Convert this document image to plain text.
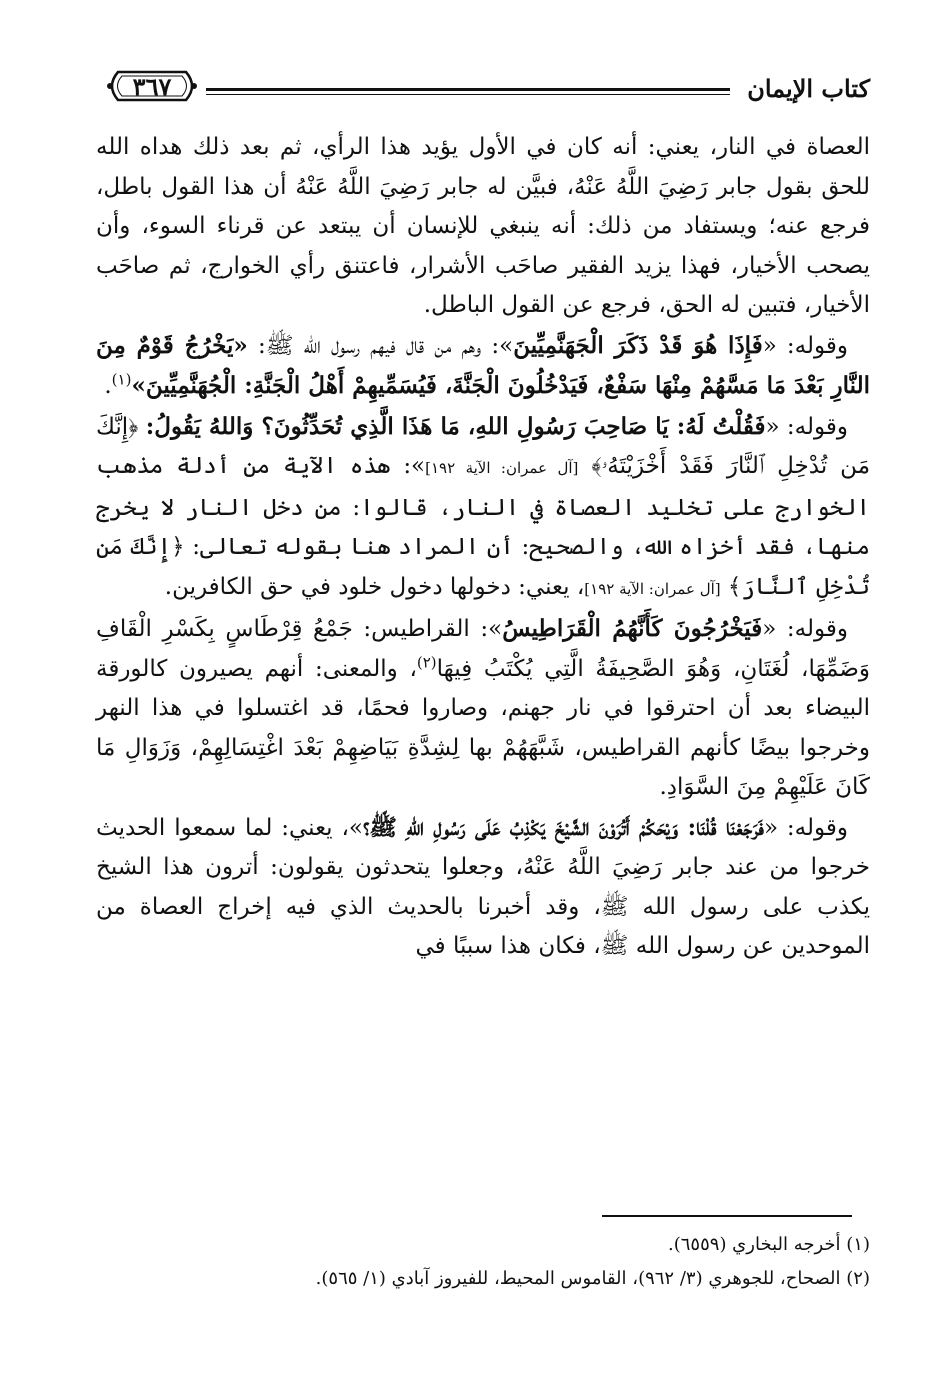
كتاب الإيمان
٣٦٧

العصاة في النار، يعني: أنه كان في الأول يؤيد هذا الرأي، ثم بعد ذلك هداه الله للحق بقول جابر رَضِيَ اللَّهُ عَنْهُ، فبيَّن له جابر رَضِيَ اللَّهُ عَنْهُ أن هذا القول باطل، فرجع عنه؛ ويستفاد من ذلك: أنه ينبغي للإنسان أن يبتعد عن قرناء السوء، وأن يصحب الأخيار، فهذا يزيد الفقير صاحَب الأشرار، فاعتنق رأي الخوارج، ثم صاحَب الأخيار، فتبين له الحق، فرجع عن القول الباطل.

وقوله: «فَإِذَا هُوَ قَدْ ذَكَرَ الْجَهَنَّمِيِّينَ»: وهم من قال فيهم رسول الله ﷺ: «يَخْرُجُ قَوْمٌ مِنَ النَّارِ بَعْدَ مَا مَسَّهُمْ مِنْهَا سَفْعٌ، فَيَدْخُلُونَ الْجَنَّةَ، فَيُسَمِّيهِمْ أَهْلُ الْجَنَّةِ: الْجُهَنَّمِيِّينَ»$^{(١)}$.

وقوله: «فَقُلْتُ لَهُ: يَا صَاحِبَ رَسُولِ اللهِ، مَا هَذَا الَّذِي تُحَدِّثُونَ؟ وَاللهُ يَقُولُ: ﴿إِنَّكَ مَن تُدْخِلِ ٱلنَّارَ فَقَدْ أَخْزَيْتَهُۥ﴾ [آل عمران: الآية ١٩٢]»: هذه الآية من أدلة مذهب الخوارج على تخليد العصاة في النار، قالوا: من دخل النار لا يخرج منها، فقد أخزاه الله، والصحيح: أن المراد هنا بقوله تعالى: ﴿إِنَّكَ مَن تُدْخِلِ ٱلنَّارَ﴾ [آل عمران: الآية ١٩٢]، يعني: دخولها دخول خلود في حق الكافرين.

وقوله: «فَيَخْرُجُونَ كَأَنَّهُمُ الْقَرَاطِيسُ»: القراطيس: جَمْعُ قِرْطَاسٍ بِكَسْرِ الْقَافِ وَضَمِّهَا، لُغَتَانِ، وَهُوَ الصَّحِيفَةُ الَّتِي يُكْتَبُ فِيهَا$^{(٢)}$، والمعنى: أنهم يصيرون كالورقة البيضاء بعد أن احترقوا في نار جهنم، وصاروا فحمًا، قد اغتسلوا في هذا النهر وخرجوا بيضًا كأنهم القراطيس، شَبَّهَهُمْ بها لِشِدَّةِ بَيَاضِهِمْ بَعْدَ اغْتِسَالِهِمْ، وَزَوَالِ مَا كَانَ عَلَيْهِمْ مِنَ السَّوَادِ.

وقوله: «فَرَجَعْنَا قُلْنَا: وَيْحَكُمْ أَتُرَوْنَ الشَّيْخَ يَكْذِبُ عَلَى رَسُولِ اللهِ ﷺ؟»، يعني: لما سمعوا الحديث خرجوا من عند جابر رَضِيَ اللَّهُ عَنْهُ، وجعلوا يتحدثون يقولون: أترون هذا الشيخ يكذب على رسول الله ﷺ، وقد أخبرنا بالحديث الذي فيه إخراج العصاة من الموحدين عن رسول الله ﷺ، فكان هذا سببًا في

(١) أخرجه البخاري (٦٥٥٩).

(٢) الصحاح، للجوهري (٣/ ٩٦٢)، القاموس المحيط، للفيروز آبادي (١/ ٥٦٥).
